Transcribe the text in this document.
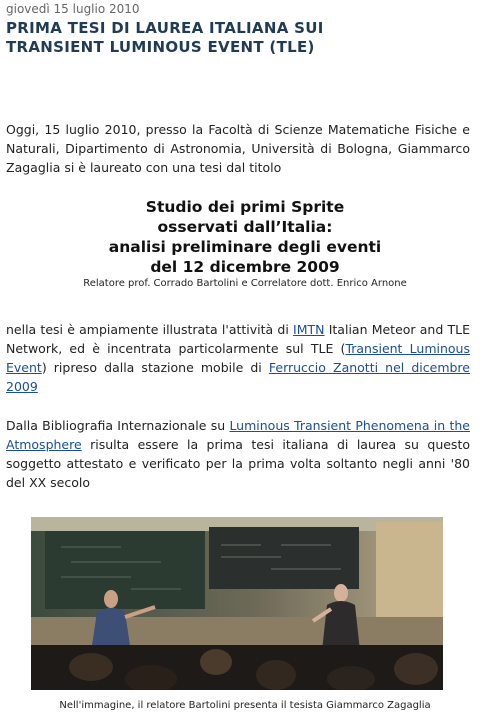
giovedì 15 luglio 2010
PRIMA TESI DI LAUREA ITALIANA SUI
TRANSIENT LUMINOUS EVENT (TLE)

Oggi, 15 luglio 2010, presso la Facoltà di Scienze Matematiche Fisiche e Naturali, Dipartimento di Astronomia, Università di Bologna, Giammarco Zagaglia si è laureato con una tesi dal titolo

Studio dei primi Sprite
osservati dall’Italia:
analisi preliminare degli eventi
del 12 dicembre 2009
Relatore prof. Corrado Bartolini e Correlatore dott. Enrico Arnone

nella tesi è ampiamente illustrata l'attività di IMTN Italian Meteor and TLE Network, ed è incentrata particolarmente sul TLE (Transient Luminous Event) ripreso dalla stazione mobile di Ferruccio Zanotti nel dicembre 2009

Dalla Bibliografia Internazionale su Luminous Transient Phenomena in the Atmosphere risulta essere la prima tesi italiana di laurea su questo soggetto attestato e verificato per la prima volta soltanto negli anni '80 del XX secolo

Nell'immagine, il relatore Bartolini presenta il tesista Giammarco Zagaglia
